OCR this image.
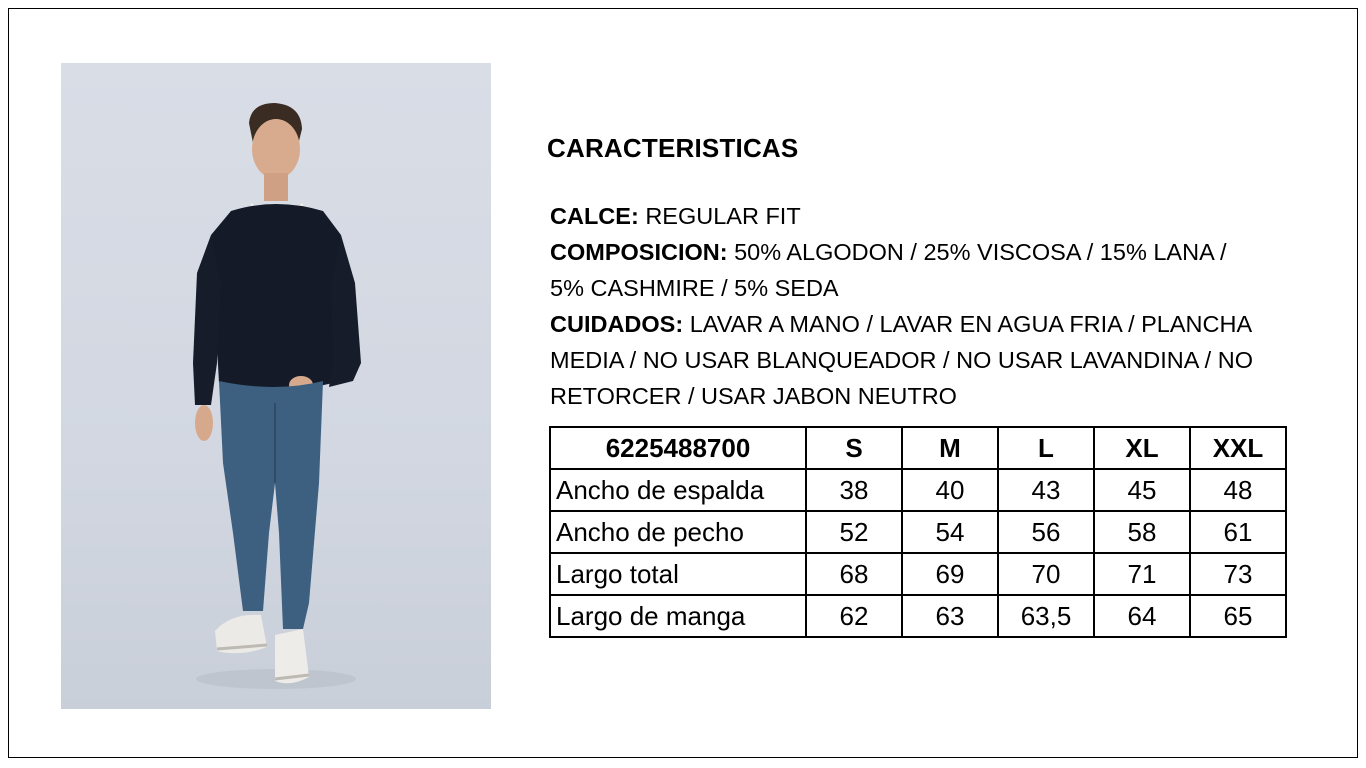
CARACTERISTICAS
CALCE: REGULAR FIT
COMPOSICION: 50% ALGODON / 25% VISCOSA / 15% LANA /
5% CASHMIRE / 5% SEDA
CUIDADOS: LAVAR A MANO / LAVAR EN AGUA FRIA / PLANCHA
MEDIA / NO USAR BLANQUEADOR / NO USAR LAVANDINA / NO
RETORCER / USAR JABON NEUTRO
6225488700	S	M	L	XL	XXL
Ancho de espalda	38	40	43	45	48
Ancho de pecho	52	54	56	58	61
Largo total	68	69	70	71	73
Largo de manga	62	63	63,5	64	65
